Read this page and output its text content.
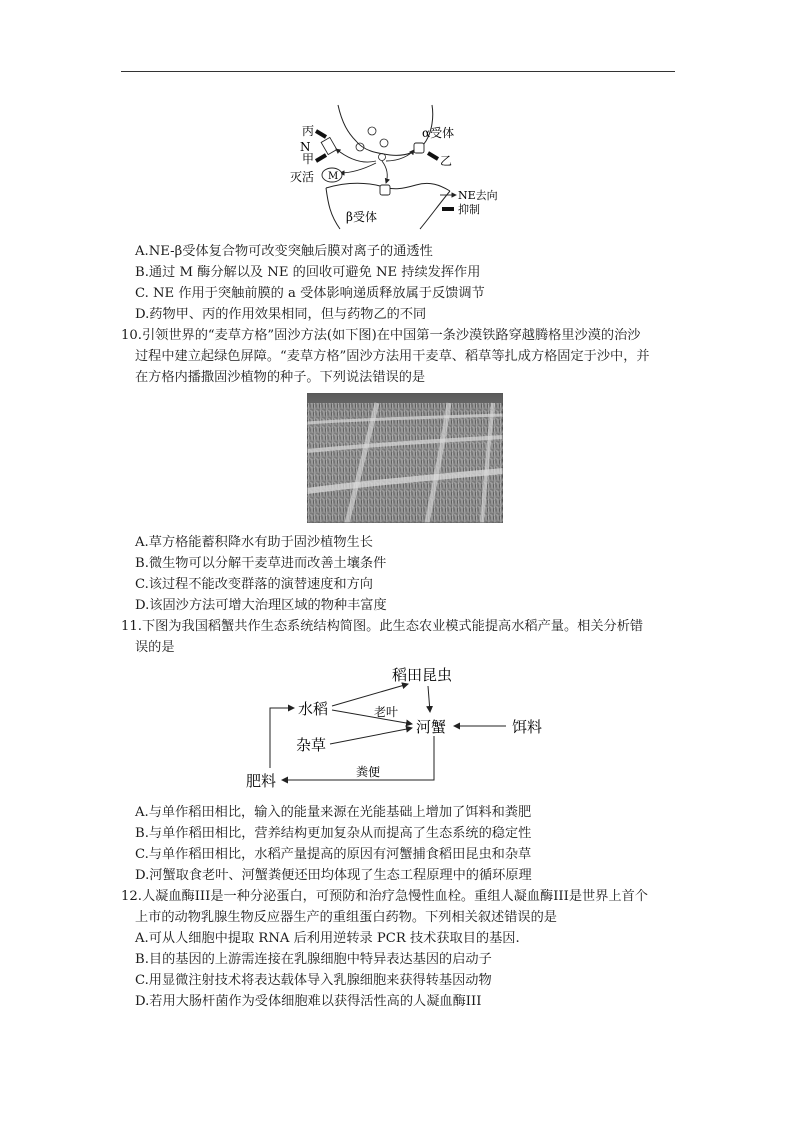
M
丙
N
甲
灭活
α受体
乙
β受体
NE去向
抑制
A.NE-β受体复合物可改变突触后膜对离子的通透性
B.通过 M 酶分解以及 NE 的回收可避免 NE 持续发挥作用
C. NE 作用于突触前膜的 a 受体影响递质释放属于反馈调节
D.药物甲、丙的作用效果相同，但与药物乙的不同
10.引领世界的“麦草方格”固沙方法(如下图)在中国第一条沙漠铁路穿越腾格里沙漠的治沙
过程中建立起绿色屏障。“麦草方格”固沙方法用干麦草、稻草等扎成方格固定于沙中，并
在方格内播撒固沙植物的种子。下列说法错误的是
A.草方格能蓄积降水有助于固沙植物生长
B.微生物可以分解干麦草进而改善土壤条件
C.该过程不能改变群落的演替速度和方向
D.该固沙方法可增大治理区域的物种丰富度
11.下图为我国稻蟹共作生态系统结构简图。此生态农业模式能提高水稻产量。相关分析错
误的是
稻田昆虫
水稻
河蟹	饵料
杂草
肥料
老叶
粪便
A.与单作稻田相比，输入的能量来源在光能基础上增加了饵料和粪肥
B.与单作稻田相比，营养结构更加复杂从而提高了生态系统的稳定性
C.与单作稻田相比，水稻产量提高的原因有河蟹捕食稻田昆虫和杂草
D.河蟹取食老叶、河蟹粪便还田均体现了生态工程原理中的循环原理
12.人凝血酶III是一种分泌蛋白，可预防和治疗急慢性血栓。重组人凝血酶III是世界上首个
上市的动物乳腺生物反应器生产的重组蛋白药物。下列相关叙述错误的是
A.可从人细胞中提取 RNA 后利用逆转录 PCR 技术获取目的基因.
B.目的基因的上游需连接在乳腺细胞中特异表达基因的启动子
C.用显微注射技术将表达载体导入乳腺细胞来获得转基因动物
D.若用大肠杆菌作为受体细胞难以获得活性高的人凝血酶III
